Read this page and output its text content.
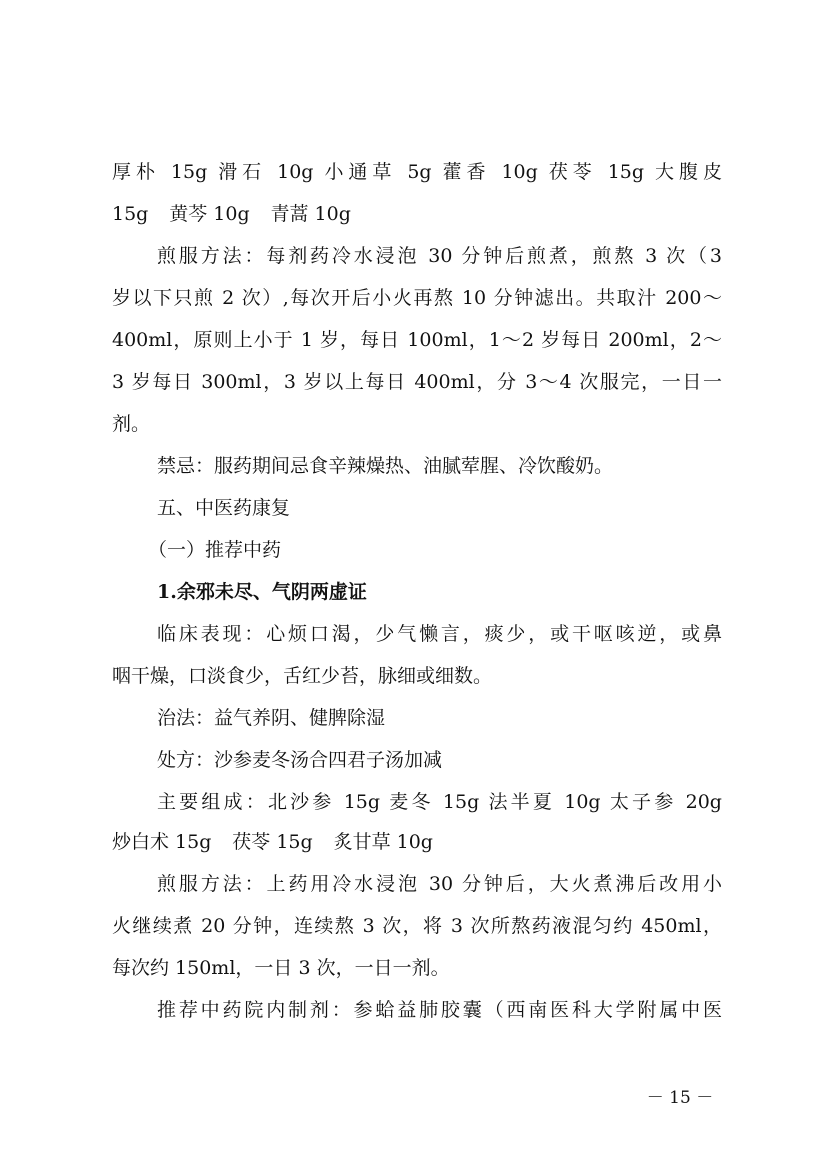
厚朴 15g 滑石 10g 小通草 5g 藿香 10g 茯苓 15g 大腹皮
15g 黄芩 10g 青蒿 10g
煎服方法：每剂药冷水浸泡 30 分钟后煎煮，煎熬 3 次（3
岁以下只煎 2 次）,每次开后小火再熬 10 分钟滤出。共取汁 200～
400ml，原则上小于 1 岁，每日 100ml，1～2 岁每日 200ml，2～
3 岁每日 300ml，3 岁以上每日 400ml，分 3～4 次服完，一日一
剂。
禁忌：服药期间忌食辛辣燥热、油腻荤腥、冷饮酸奶。
五、中医药康复
（一）推荐中药
1.余邪未尽、气阴两虚证
临床表现：心烦口渴，少气懒言，痰少，或干呕咳逆，或鼻
咽干燥，口淡食少，舌红少苔，脉细或细数。
治法：益气养阴、健脾除湿
处方：沙参麦冬汤合四君子汤加减
主要组成：北沙参 15g 麦冬 15g 法半夏 10g 太子参 20g
炒白术 15g 茯苓 15g 炙甘草 10g
煎服方法：上药用冷水浸泡 30 分钟后，大火煮沸后改用小
火继续煮 20 分钟，连续熬 3 次，将 3 次所熬药液混匀约 450ml，
每次约 150ml，一日 3 次，一日一剂。
推荐中药院内制剂：参蛤益肺胶囊（西南医科大学附属中医
－ 15 －
